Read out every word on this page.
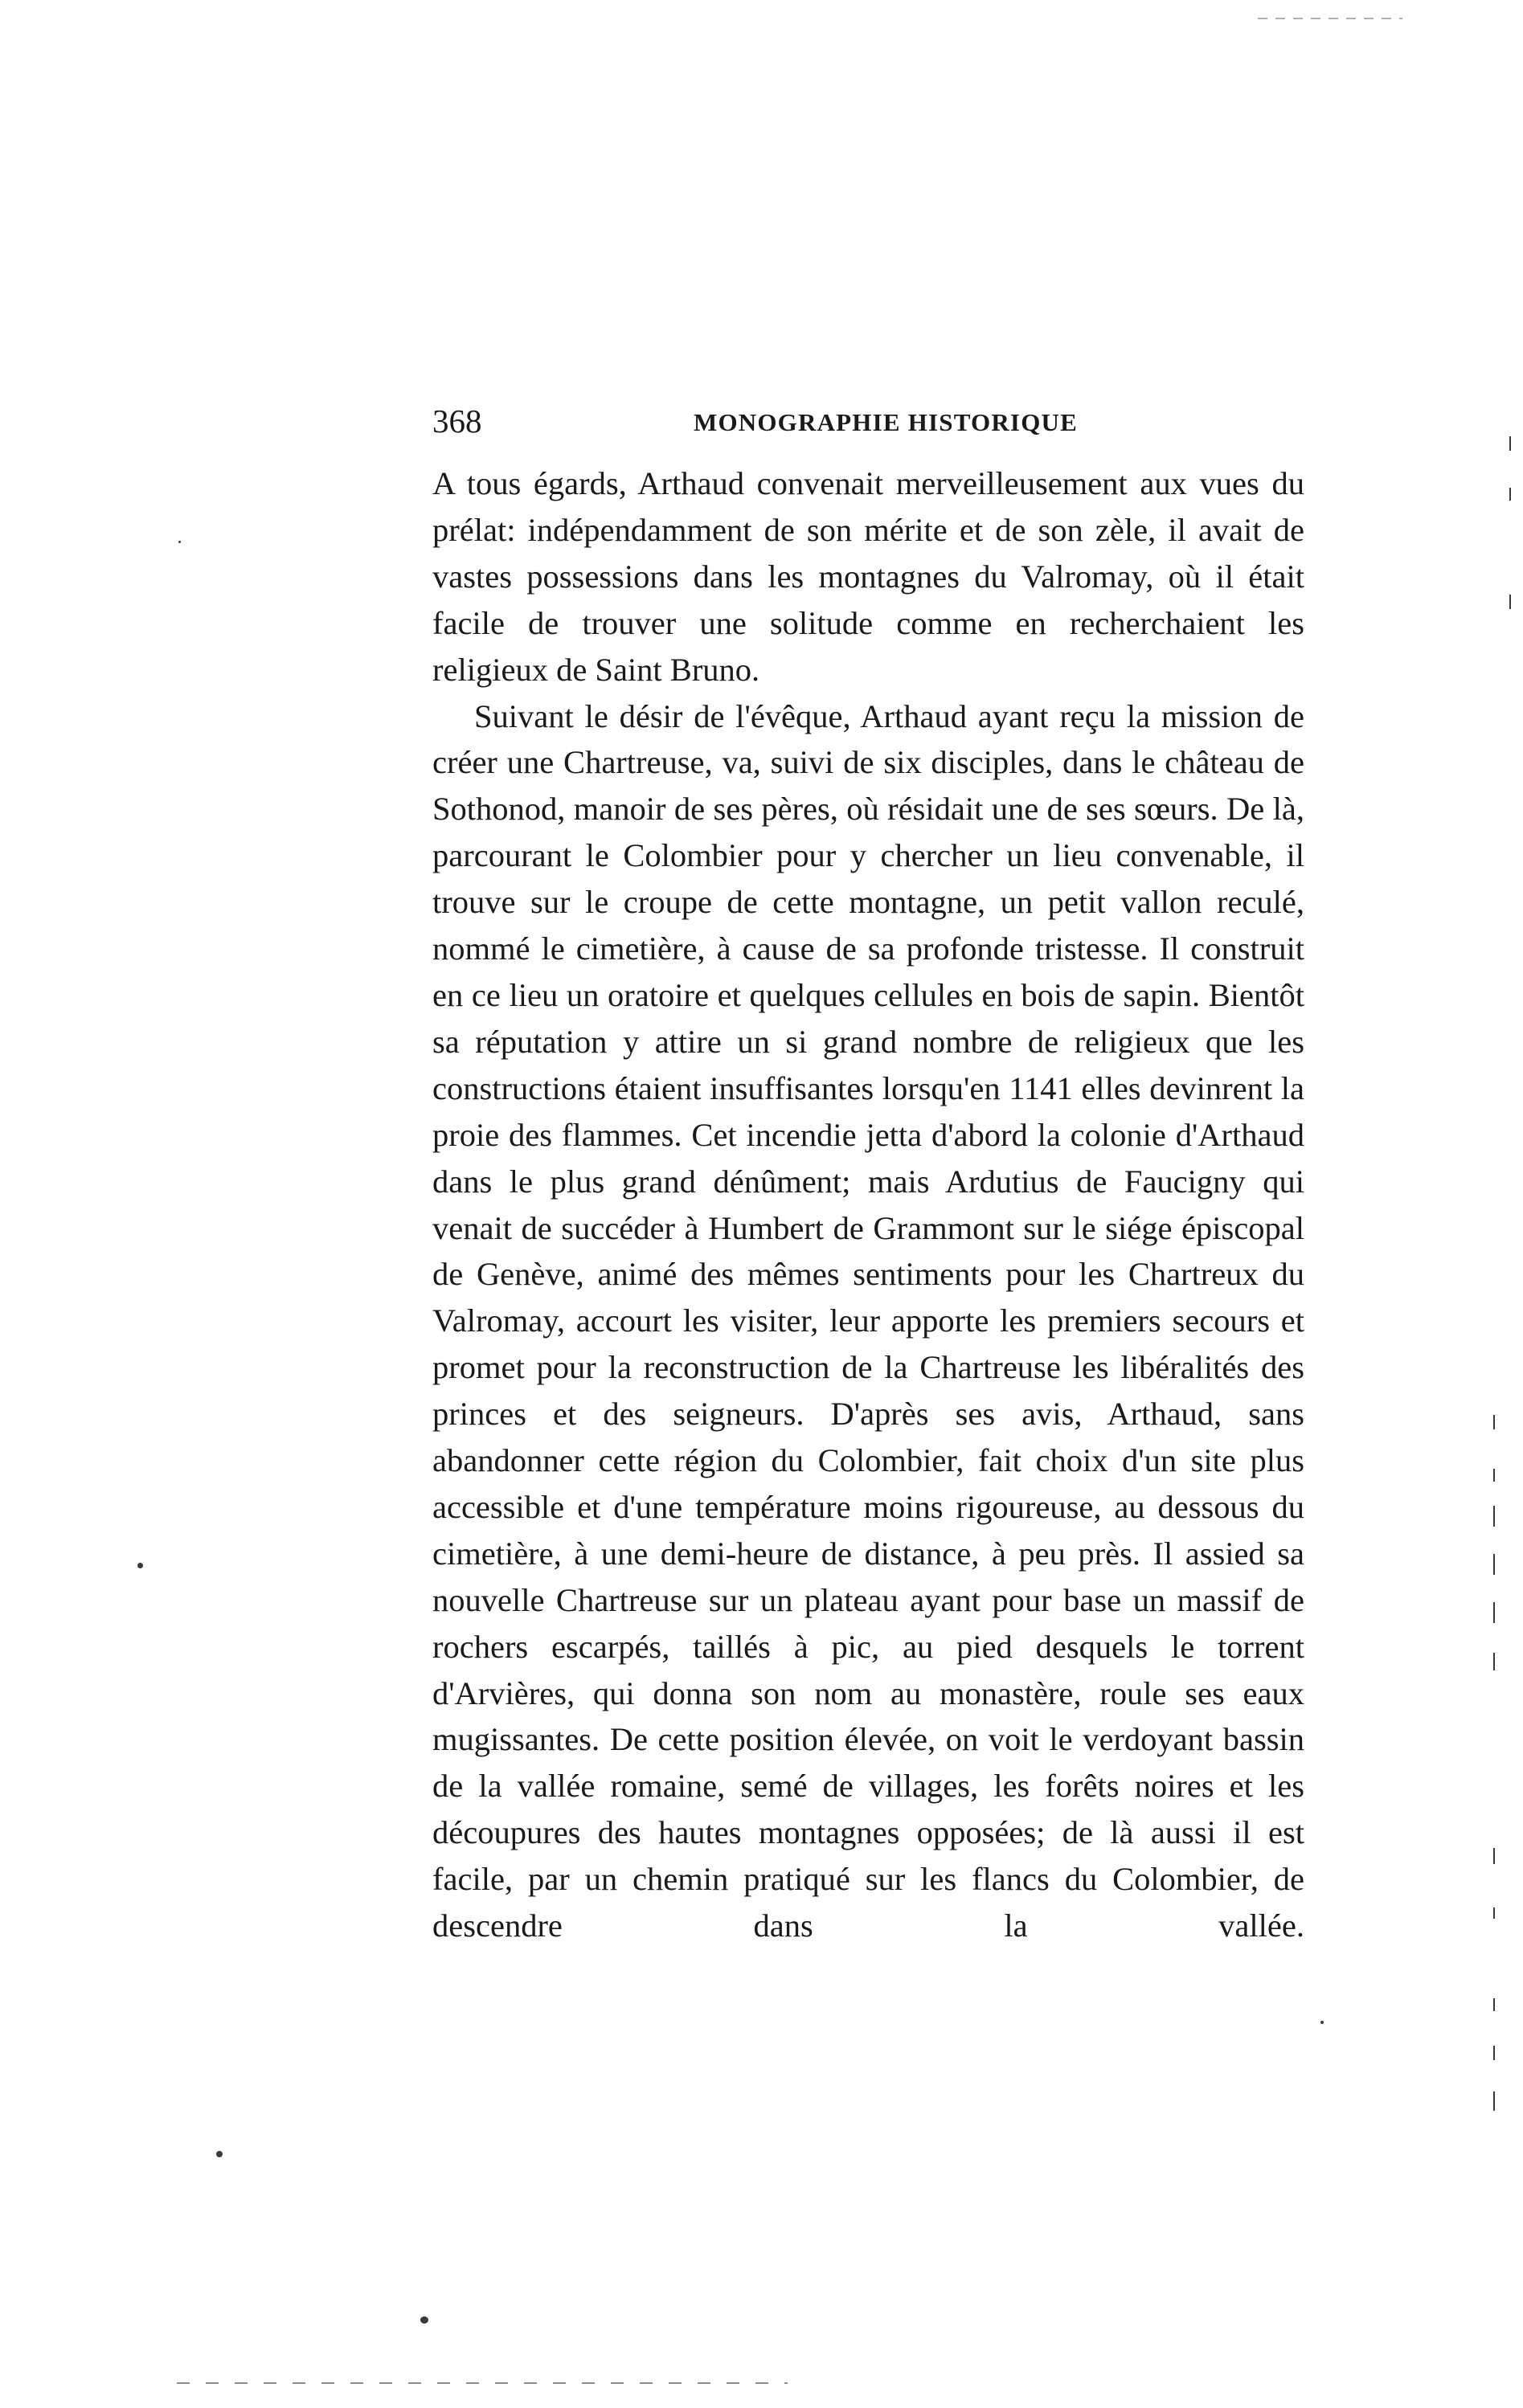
368	MONOGRAPHIE HISTORIQUE

A tous égards, Arthaud convenait merveilleusement aux vues du prélat: indépendamment de son mérite et de son zèle, il avait de vastes possessions dans les montagnes du Valromay, où il était facile de trouver une solitude comme en recherchaient les religieux de Saint Bruno.

Suivant le désir de l'évêque, Arthaud ayant reçu la mission de créer une Chartreuse, va, suivi de six disciples, dans le château de Sothonod, manoir de ses pères, où résidait une de ses sœurs. De là, parcourant le Colombier pour y chercher un lieu convenable, il trouve sur le croupe de cette montagne, un petit vallon reculé, nommé le cimetière, à cause de sa profonde tristesse. Il construit en ce lieu un oratoire et quelques cellules en bois de sapin. Bientôt sa réputation y attire un si grand nombre de religieux que les constructions étaient insuffisantes lorsqu'en 1141 elles devinrent la proie des flammes. Cet incendie jetta d'abord la colonie d'Arthaud dans le plus grand dénûment; mais Ardutius de Faucigny qui venait de succéder à Humbert de Grammont sur le siége épiscopal de Genève, animé des mêmes sentiments pour les Chartreux du Valromay, accourt les visiter, leur apporte les premiers secours et promet pour la reconstruction de la Chartreuse les libéralités des princes et des seigneurs. D'après ses avis, Arthaud, sans abandonner cette région du Colombier, fait choix d'un site plus accessible et d'une température moins rigoureuse, au dessous du cimetière, à une demi-heure de distance, à peu près. Il assied sa nouvelle Chartreuse sur un plateau ayant pour base un massif de rochers escarpés, taillés à pic, au pied desquels le torrent d'Arvières, qui donna son nom au monastère, roule ses eaux mugissantes. De cette position élevée, on voit le verdoyant bassin de la vallée romaine, semé de villages, les forêts noires et les découpures des hautes montagnes opposées; de là aussi il est facile, par un chemin pratiqué sur les flancs du Colombier, de descendre dans la vallée.
